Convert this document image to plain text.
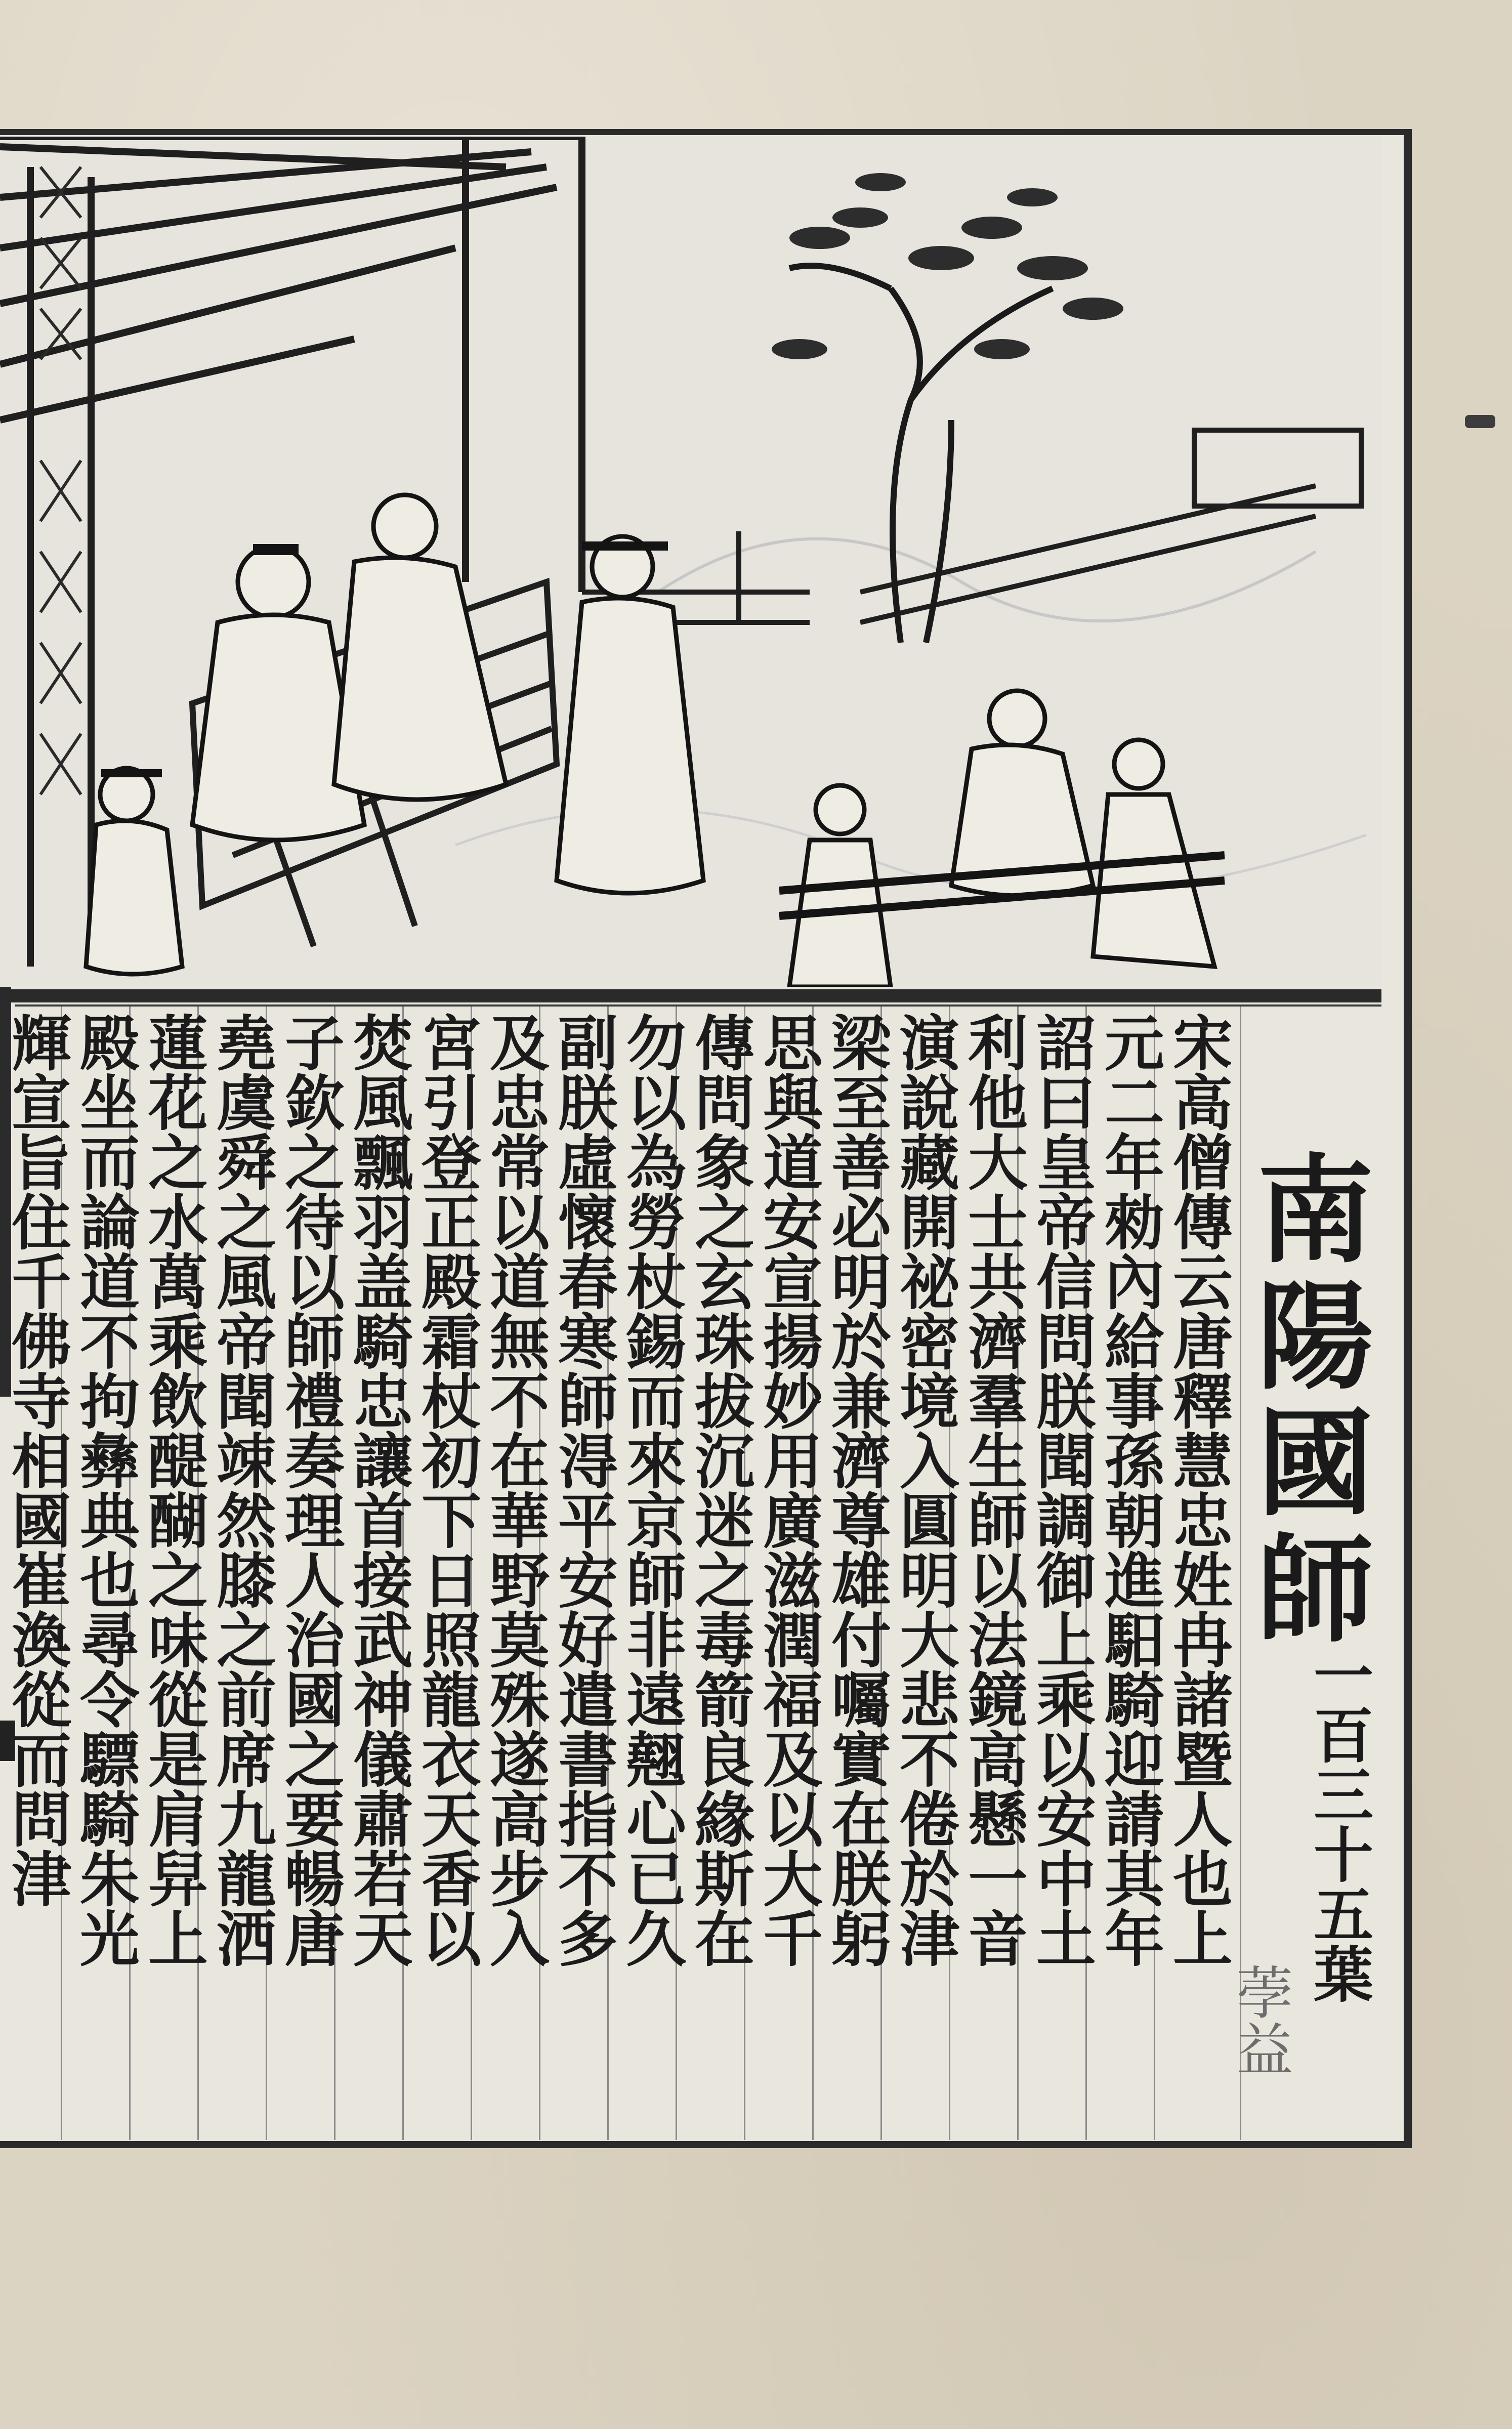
南陽國師
一百三十五葉
荸益
宋高僧傳云唐釋慧忠姓冉諸暨人也上
元二年勑內給事孫朝進馹騎迎請其年
詔曰皇帝信問朕聞調御上乘以安中土
利他大士共濟羣生師以法鏡高懸一音
演說藏開祕密境入圓明大悲不倦於津
梁至善必明於兼濟尊雄付囑實在朕躬
思與道安宣揚妙用廣滋潤福及以大千
傳問象之玄珠拔沉迷之毒箭良緣斯在
勿以為勞杖錫而來京師非遠翹心已久
副朕虛懷春寒師淂平安好遣書指不多
及忠常以道無不在華野莫殊遂高步入
宮引登正殿霜杖初下日照龍衣天香以
焚風飄羽盖騎忠讓首接武神儀肅若天
子欽之待以師禮奏理人治國之要暢唐
堯虞舜之風帝聞竦然膝之前席九龍洒
蓮花之水萬乘飲醍醐之味從是肩舁上
殿坐而論道不拘彝典也尋令驃騎朱光
輝宣旨住千佛寺相國崔渙從而問津
